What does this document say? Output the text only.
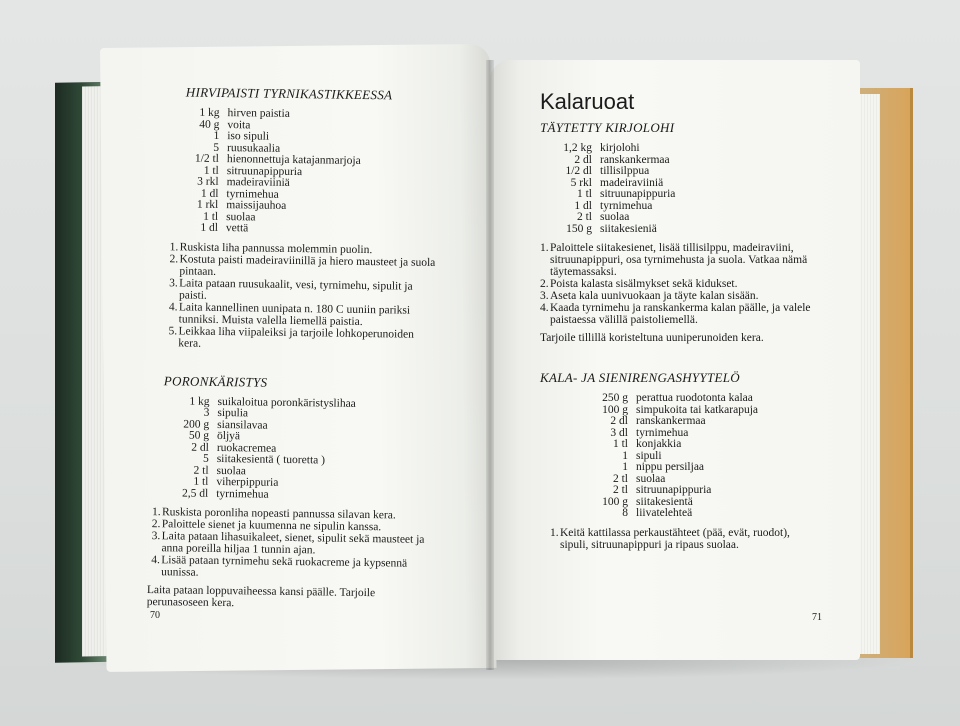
HIRVIPAISTI TYRNIKASTIKKEESSA
1 kg hirven paistia
40 g voita
1 iso sipuli
5 ruusukaalia
1/2 tl hienonnettuja katajanmarjoja
1 tl sitruunapippuria
3 rkl madeiraviiniä
1 dl tyrnimehua
1 rkl maissijauhoa
1 tl suolaa
1 dl vettä
1. Ruskista liha pannussa molemmin puolin.
2. Kostuta paisti madeiraviinillä ja hiero mausteet ja suola pintaan.
3. Laita pataan ruusukaalit, vesi, tyrnimehu, sipulit ja paisti.
4. Laita kannellinen uunipata n. 180 C uuniin pariksi tunniksi. Muista valella liemellä paistia.
5. Leikkaa liha viipaleiksi ja tarjoile lohkoperunoiden kera.
PORONKÄRISTYS
1 kg suikaloitua poronkäristyslihaa
3 sipulia
200 g siansilavaa
50 g öljyä
2 dl ruokacremea
5 siitakesientä ( tuoretta )
2 tl suolaa
1 tl viherpippuria
2,5 dl tyrnimehua
1. Ruskista poronliha nopeasti pannussa silavan kera.
2. Paloittele sienet ja kuumenna ne sipulin kanssa.
3. Laita pataan lihasuikaleet, sienet, sipulit sekä mausteet ja anna poreilla hiljaa 1 tunnin ajan.
4. Lisää pataan tyrnimehu sekä ruokacreme ja kypsennä uunissa.

Laita pataan loppuvaiheessa kansi päälle. Tarjoile perunasoseen kera.

70
Kalaruoat
TÄYTETTY KIRJOLOHI
1,2 kg kirjolohi
2 dl ranskankermaa
1/2 dl tillisilppua
5 rkl madeiraviiniä
1 tl sitruunapippuria
1 dl tyrnimehua
2 tl suolaa
150 g siitakesieniä
1. Paloittele siitakesienet, lisää tillisilppu, madeiraviini, sitruunapippuri, osa tyrnimehusta ja suola. Vatkaa nämä täytemassaksi.
2. Poista kalasta sisälmykset sekä kidukset.
3. Aseta kala uunivuokaan ja täyte kalan sisään.
4. Kaada tyrnimehu ja ranskankerma kalan päälle, ja valele paistaessa välillä paistoliemellä.

Tarjoile tillillä koristeltuna uuniperunoiden kera.

KALA- JA SIENIRENGASHYYTELÖ
250 g perattua ruodotonta kalaa
100 g simpukoita tai katkarapuja
2 dl ranskankermaa
3 dl tyrnimehua
1 tl konjakkia
1 sipuli
1 nippu persiljaa
2 tl suolaa
2 tl sitruunapippuria
100 g siitakesientä
8 liivatelehteä
1. Keitä kattilassa perkaustähteet (pää, evät, ruodot), sipuli, sitruunapippuri ja ripaus suolaa.
71
